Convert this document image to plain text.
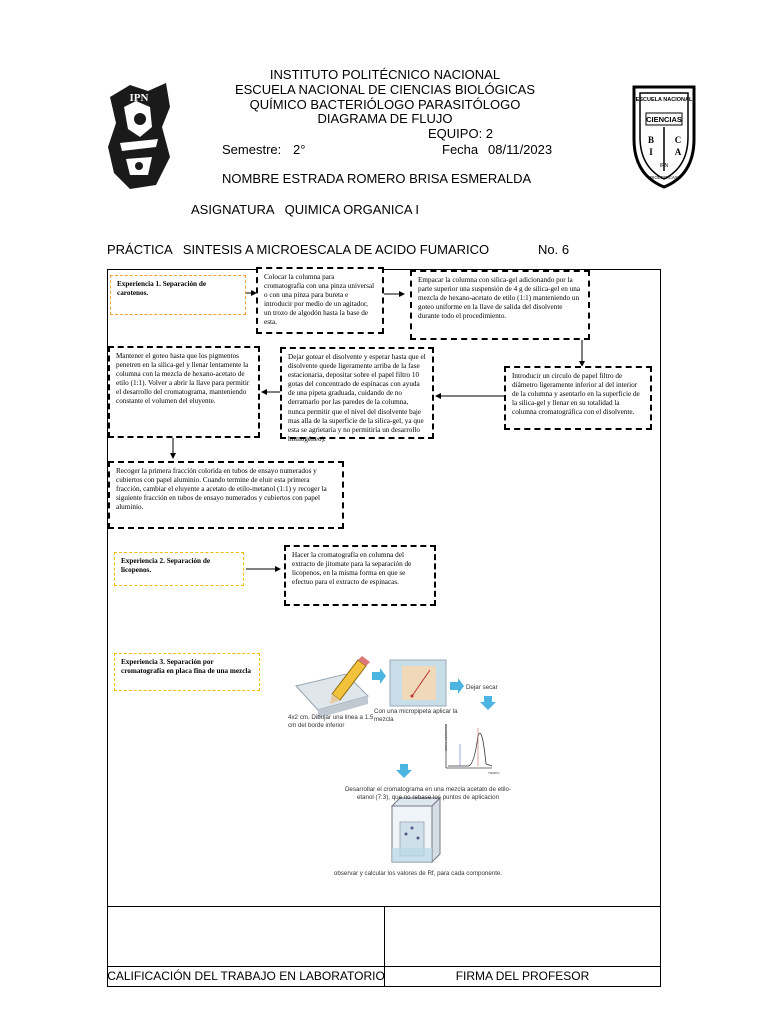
IPN	ESCUELA NACIONAL
CIENCIAS
B
I
C
A
BIOLOGICAS
IPN
INSTITUTO POLITÉCNICO NACIONAL
ESCUELA NACIONAL DE CIENCIAS BIOLÓGICAS
QUÍMICO BACTERIÓLOGO PARASITÓLOGO
DIAGRAMA DE FLUJO
EQUIPO: 2
Semestre: 2°	Fecha 08/11/2023
NOMBRE ESTRADA ROMERO BRISA ESMERALDA
ASIGNATURA   QUIMICA ORGANICA I
PRÁCTICA   SINTESIS A MICROESCALA DE ACIDO FUMARICO	No. 6
Experiencia 1. Separación de carotenos.
Colocar la columna para cromatografía con una pinza universal o con una pinza para bureta e introducir por medio de un agitador, un trozo de algodón hasta la base de esta.
Empacar la columna con silica-gel adicionando por la parte superior una suspensión de 4 g de silica-gel en una mezcla de hexano-acetato de etilo (1:1) manteniendo un goteo uniforme en la llave de salida del disolvente durante todo el procedimiento.
Introducir un circulo de papel filtro de diámetro ligeramente inferior al del interior de la columna y asentarlo en la superficie de la silica-gel y llenar en su totalidad la columna cromatográfica con el disolvente.
Dejar gotear el disolvente y esperar hasta que el disolvente quede ligeramente arriba de la fase estacionaria, depositar sobre el papel filtro 10 gotas del concentrado de espinacas con ayuda de una pipeta graduada, cuidando de no derramarlo por las paredes de la columna, nunca permitir que el nivel del disolvente baje mas alla de la superficie de la silica-gel, ya que esta se agrietaría y no permitiría un desarrollo homogéneo).
Mantener el goteo hasta que los pigmentos penetren en la silica-gel y llenar lentamente la columna con la mezcla de hexano-acetato de etilo (1:1). Volver a abrir la llave para permitir el desarrollo del cromatograma, manteniendo constante el volumen del eluyente.
Recoger la primera fracción colorida en tubos de ensayo numerados y cubiertos con papel aluminio. Cuando termine de eluir esta primera fracción, cambiar el eluyente a acetato de etilo-metanol (1:1) y recoger la siguiente fracción en tubos de ensayo numerados y cubiertos con papel aluminio.
Experiencia 2. Separación de licopenos.
Hacer la cromatografía en columna del extracto de jitomate para la separación de licopenos, en la misma forma en que se efectuo para el extracto de espinacas.
Experiencia 3. Separación por cromatografía en placa fina de una mezcla
SEÑAL DETECTOR
TIEMPO
4x2 cm. Dibujar una linea a 1.5 cm del borde inferior
Con una micropipeta aplicar la mezcla
Dejar secar
Desarrollar el cromatograma en una mezcla acetato de etilo-etanol (7:3), que no rebase los puntos de aplicacion
observar y calcular los valores de Rf, para cada componente.
CALIFICACIÓN DEL TRABAJO EN LABORATORIO	FIRMA DEL PROFESOR
